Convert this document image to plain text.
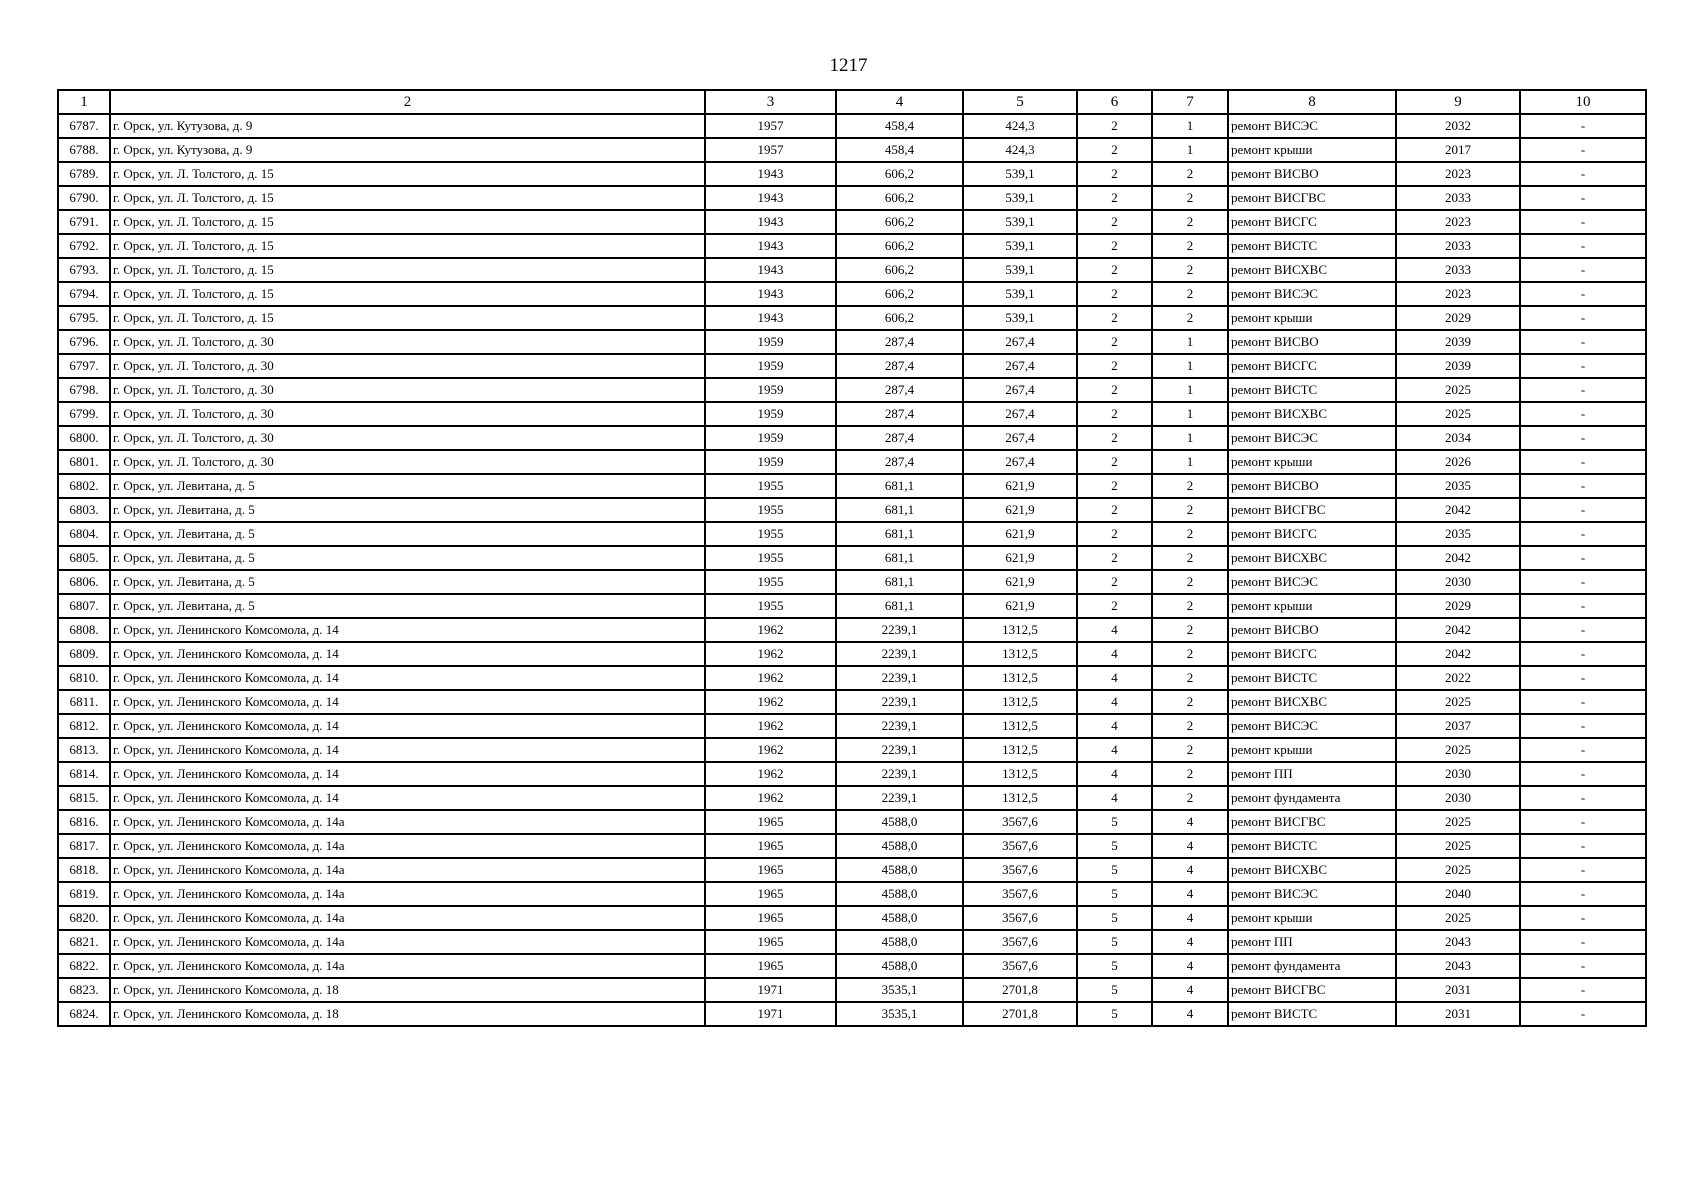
1217
1	2	3	4	5	6	7	8	9	10
6787.	г. Орск, ул. Кутузова, д. 9	1957	458,4	424,3	2	1	ремонт ВИСЭС	2032	-
6788.	г. Орск, ул. Кутузова, д. 9	1957	458,4	424,3	2	1	ремонт крыши	2017	-
6789.	г. Орск, ул. Л. Толстого, д. 15	1943	606,2	539,1	2	2	ремонт ВИСВО	2023	-
6790.	г. Орск, ул. Л. Толстого, д. 15	1943	606,2	539,1	2	2	ремонт ВИСГВС	2033	-
6791.	г. Орск, ул. Л. Толстого, д. 15	1943	606,2	539,1	2	2	ремонт ВИСГС	2023	-
6792.	г. Орск, ул. Л. Толстого, д. 15	1943	606,2	539,1	2	2	ремонт ВИСТС	2033	-
6793.	г. Орск, ул. Л. Толстого, д. 15	1943	606,2	539,1	2	2	ремонт ВИСХВС	2033	-
6794.	г. Орск, ул. Л. Толстого, д. 15	1943	606,2	539,1	2	2	ремонт ВИСЭС	2023	-
6795.	г. Орск, ул. Л. Толстого, д. 15	1943	606,2	539,1	2	2	ремонт крыши	2029	-
6796.	г. Орск, ул. Л. Толстого, д. 30	1959	287,4	267,4	2	1	ремонт ВИСВО	2039	-
6797.	г. Орск, ул. Л. Толстого, д. 30	1959	287,4	267,4	2	1	ремонт ВИСГС	2039	-
6798.	г. Орск, ул. Л. Толстого, д. 30	1959	287,4	267,4	2	1	ремонт ВИСТС	2025	-
6799.	г. Орск, ул. Л. Толстого, д. 30	1959	287,4	267,4	2	1	ремонт ВИСХВС	2025	-
6800.	г. Орск, ул. Л. Толстого, д. 30	1959	287,4	267,4	2	1	ремонт ВИСЭС	2034	-
6801.	г. Орск, ул. Л. Толстого, д. 30	1959	287,4	267,4	2	1	ремонт крыши	2026	-
6802.	г. Орск, ул. Левитана, д. 5	1955	681,1	621,9	2	2	ремонт ВИСВО	2035	-
6803.	г. Орск, ул. Левитана, д. 5	1955	681,1	621,9	2	2	ремонт ВИСГВС	2042	-
6804.	г. Орск, ул. Левитана, д. 5	1955	681,1	621,9	2	2	ремонт ВИСГС	2035	-
6805.	г. Орск, ул. Левитана, д. 5	1955	681,1	621,9	2	2	ремонт ВИСХВС	2042	-
6806.	г. Орск, ул. Левитана, д. 5	1955	681,1	621,9	2	2	ремонт ВИСЭС	2030	-
6807.	г. Орск, ул. Левитана, д. 5	1955	681,1	621,9	2	2	ремонт крыши	2029	-
6808.	г. Орск, ул. Ленинского Комсомола, д. 14	1962	2239,1	1312,5	4	2	ремонт ВИСВО	2042	-
6809.	г. Орск, ул. Ленинского Комсомола, д. 14	1962	2239,1	1312,5	4	2	ремонт ВИСГС	2042	-
6810.	г. Орск, ул. Ленинского Комсомола, д. 14	1962	2239,1	1312,5	4	2	ремонт ВИСТС	2022	-
6811.	г. Орск, ул. Ленинского Комсомола, д. 14	1962	2239,1	1312,5	4	2	ремонт ВИСХВС	2025	-
6812.	г. Орск, ул. Ленинского Комсомола, д. 14	1962	2239,1	1312,5	4	2	ремонт ВИСЭС	2037	-
6813.	г. Орск, ул. Ленинского Комсомола, д. 14	1962	2239,1	1312,5	4	2	ремонт крыши	2025	-
6814.	г. Орск, ул. Ленинского Комсомола, д. 14	1962	2239,1	1312,5	4	2	ремонт ПП	2030	-
6815.	г. Орск, ул. Ленинского Комсомола, д. 14	1962	2239,1	1312,5	4	2	ремонт фундамента	2030	-
6816.	г. Орск, ул. Ленинского Комсомола, д. 14а	1965	4588,0	3567,6	5	4	ремонт ВИСГВС	2025	-
6817.	г. Орск, ул. Ленинского Комсомола, д. 14а	1965	4588,0	3567,6	5	4	ремонт ВИСТС	2025	-
6818.	г. Орск, ул. Ленинского Комсомола, д. 14а	1965	4588,0	3567,6	5	4	ремонт ВИСХВС	2025	-
6819.	г. Орск, ул. Ленинского Комсомола, д. 14а	1965	4588,0	3567,6	5	4	ремонт ВИСЭС	2040	-
6820.	г. Орск, ул. Ленинского Комсомола, д. 14а	1965	4588,0	3567,6	5	4	ремонт крыши	2025	-
6821.	г. Орск, ул. Ленинского Комсомола, д. 14а	1965	4588,0	3567,6	5	4	ремонт ПП	2043	-
6822.	г. Орск, ул. Ленинского Комсомола, д. 14а	1965	4588,0	3567,6	5	4	ремонт фундамента	2043	-
6823.	г. Орск, ул. Ленинского Комсомола, д. 18	1971	3535,1	2701,8	5	4	ремонт ВИСГВС	2031	-
6824.	г. Орск, ул. Ленинского Комсомола, д. 18	1971	3535,1	2701,8	5	4	ремонт ВИСТС	2031	-
